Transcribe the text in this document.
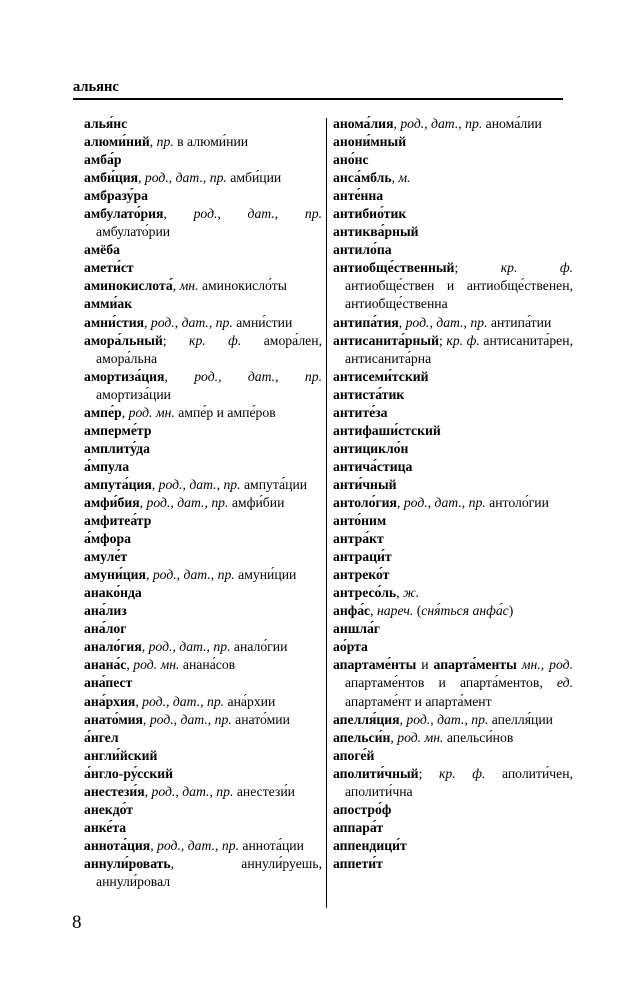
альянс
алья́нс
алюми́ний, пр. в алюми́нии
амба́р
амби́ция, род., дат., пр. амби́ции
амбразу́ра
амбулато́рия, род., дат., пр. амбулато́рии
амёба
амети́ст
аминокислота́, мн. аминокисло́ты
амми́ак
амни́стия, род., дат., пр. амни́стии
амора́льный; кр. ф. амора́лен, амора́льна
амортиза́ция, род., дат., пр. амортиза́ции
ампе́р, род. мн. ампе́р и ампе́ров
амперме́тр
амплиту́да
а́мпула
ампута́ция, род., дат., пр. ампута́ции
амфи́бия, род., дат., пр. амфи́бии
амфитеа́тр
а́мфора
амуле́т
амуни́ция, род., дат., пр. амуни́ции
анако́нда
ана́лиз
ана́лог
анало́гия, род., дат., пр. анало́гии
анана́с, род. мн. анана́сов
ана́пест
ана́рхия, род., дат., пр. ана́рхии
анато́мия, род., дат., пр. анато́мии
а́нгел
англи́йский
а́нгло-ру́сский
анестези́я, род., дат., пр. анестези́и
анекдо́т
анке́та
аннота́ция, род., дат., пр. аннота́ции
аннули́ровать, аннули́руешь, аннули́ровал
анома́лия, род., дат., пр. анома́лии
анони́мный
ано́нс
анса́мбль, м.
анте́нна
антибио́тик
антиква́рный
антило́па
антиобще́ственный; кр. ф. антиобще́ствен и антиобще́ственен, антиобще́ственна
антипа́тия, род., дат., пр. антипа́тии
антисанита́рный; кр. ф. антисанита́рен, антисанита́рна
антисеми́тский
антиста́тик
антите́за
антифаши́стский
антицикло́н
антича́стица
анти́чный
антоло́гия, род., дат., пр. антоло́гии
анто́ним
антра́кт
антраци́т
антреко́т
антресо́ль, ж.
анфа́с, нареч. (сня́ться анфа́с)
аншла́г
ао́рта
апартаме́нты и апарта́менты мн., род. апартаме́нтов и апарта́ментов, ед. апартаме́нт и апарта́мент
апелля́ция, род., дат., пр. апелля́ции
апельси́н, род. мн. апельси́нов
апоге́й
аполити́чный; кр. ф. аполити́чен, аполити́чна
апостро́ф
аппара́т
аппендици́т
аппети́т
8
